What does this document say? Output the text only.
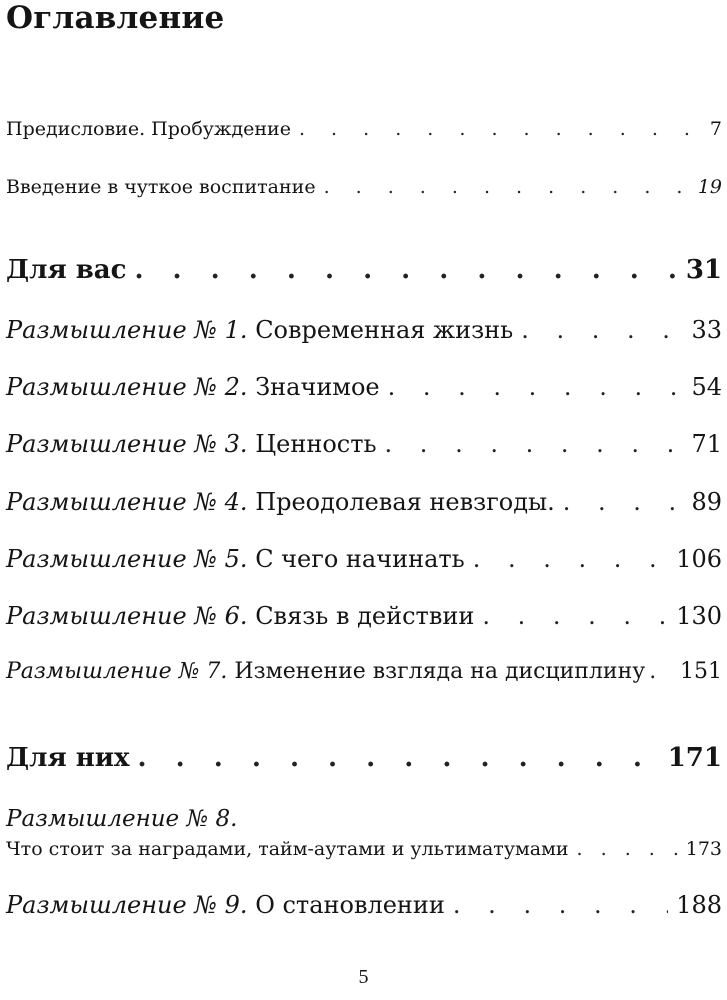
Оглавление
Предисловие. Пробуждение . . .	7
Введение в чуткое воспитание . . .	19
Для вас . . .	31
Размышление № 1. Современная жизнь . . .	33
Размышление № 2. Значимое . . .	54
Размышление № 3. Ценность . . .	71
Размышление № 4. Преодолевая невзгоды. . . .	89
Размышление № 5. С чего начинать . . .	106
Размышление № 6. Связь в действии . . .	130
Размышление № 7. Изменение взгляда на дисциплину . . . 151
Для них . . .	171
Размышление № 8.
Что стоит за наградами, тайм-аутами и ультиматумами . . .	173
Размышление № 9. О становлении . . .	188
5
